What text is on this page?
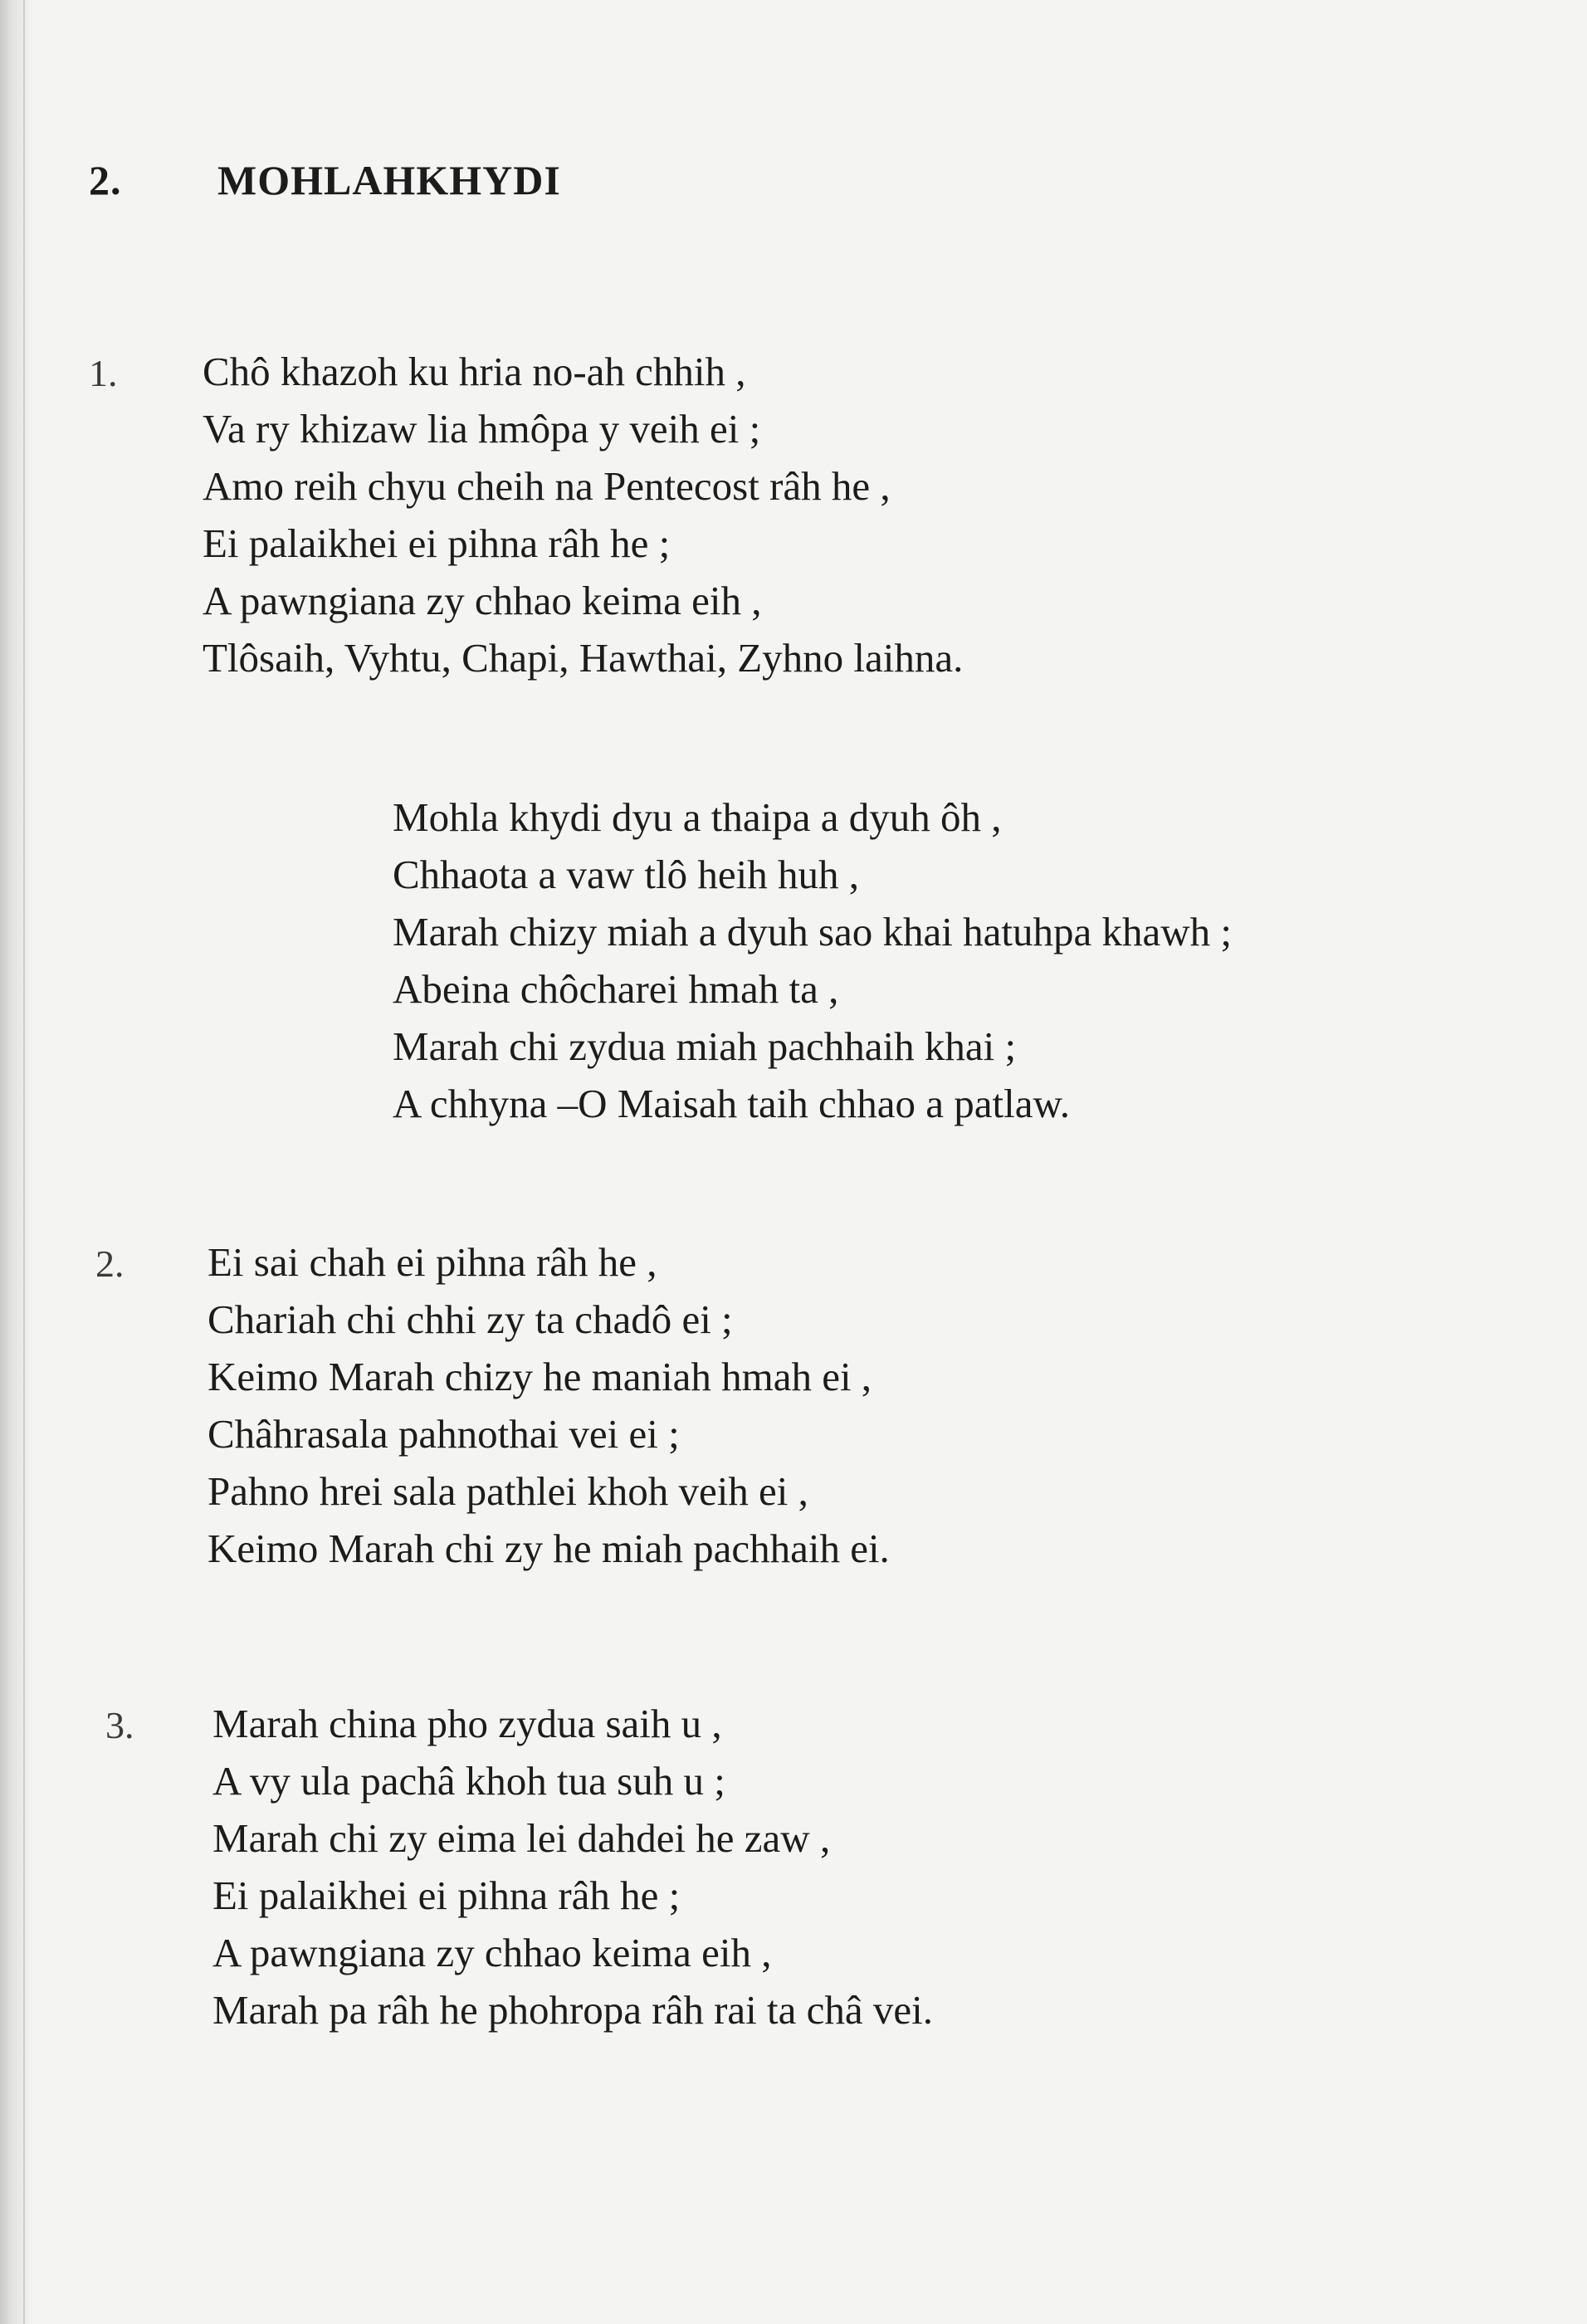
2. MOHLAHKHYDI
1. Chô khazoh ku hria no-ah chhih ,
Va ry khizaw lia hmôpa y veih ei ;
Amo reih chyu cheih na Pentecost râh he ,
Ei palaikhei ei pihna râh he ;
A pawngiana zy chhao keima eih ,
Tlôsaih, Vyhtu, Chapi, Hawthai, Zyhno laihna.
Mohla khydi dyu a thaipa a dyuh ôh ,
Chhaota a vaw tlô heih huh ,
Marah chizy miah a dyuh sao khai hatuhpa khawh ;
Abeina chôcharei hmah ta ,
Marah chi zydua miah pachhaih khai ;
A chhyna –O Maisah taih chhao a patlaw.
2. Ei sai chah ei pihna râh he ,
Chariah chi chhi zy ta chadô ei ;
Keimo Marah chizy he maniah hmah ei ,
Châhrasala pahnothai vei ei ;
Pahno hrei sala pathlei khoh veih ei ,
Keimo Marah chi zy he miah pachhaih ei.
3. Marah china pho zydua saih u ,
A vy ula pachâ khoh tua suh u ;
Marah chi zy eima lei dahdei he zaw ,
Ei palaikhei ei pihna râh he ;
A pawngiana zy chhao keima eih ,
Marah pa râh he phohropa râh rai ta châ vei.
